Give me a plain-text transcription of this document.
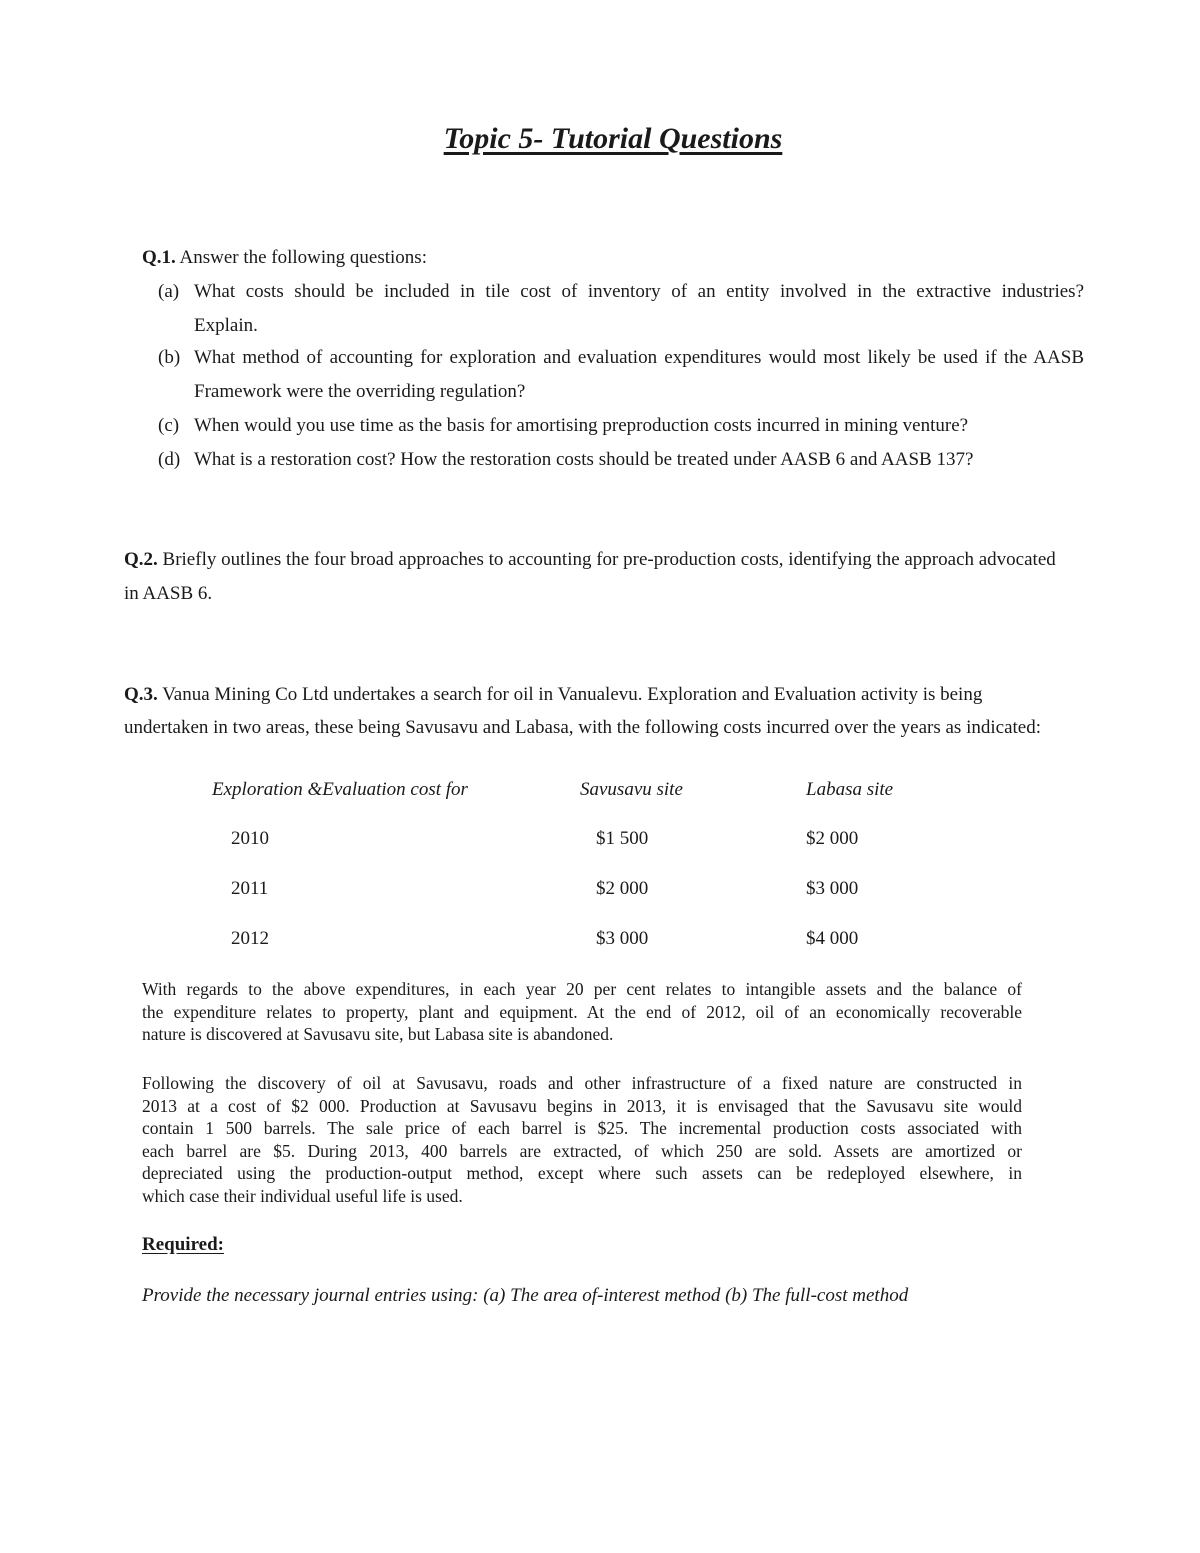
Topic 5- Tutorial Questions
Q.1. Answer the following questions:
(a) What costs should be included in tile cost of inventory of an entity involved in the extractive industries?
Explain.
(b) What method of accounting for exploration and evaluation expenditures would most likely be used if the AASB
Framework were the overriding regulation?
(c) When would you use time as the basis for amortising preproduction costs incurred in mining venture?
(d) What is a restoration cost? How the restoration costs should be treated under AASB 6 and AASB 137?
Q.2. Briefly outlines the four broad approaches to accounting for pre-production costs, identifying the approach advocated
in AASB 6.
Q.3. Vanua Mining Co Ltd undertakes a search for oil in Vanualevu. Exploration and Evaluation activity is being
undertaken in two areas, these being Savusavu and Labasa, with the following costs incurred over the years as indicated:
Exploration &Evaluation cost for	Savusavu site	Labasa site
2010	$1 500	$2 000
2011	$2 000	$3 000
2012	$3 000	$4 000
With regards to the above expenditures, in each year 20 per cent relates to intangible assets and the balance of
the expenditure relates to property, plant and equipment. At the end of 2012, oil of an economically recoverable
nature is discovered at Savusavu site, but Labasa site is abandoned.
Following the discovery of oil at Savusavu, roads and other infrastructure of a fixed nature are constructed in
2013 at a cost of $2 000. Production at Savusavu begins in 2013, it is envisaged that the Savusavu site would
contain 1 500 barrels. The sale price of each barrel is $25. The incremental production costs associated with
each barrel are $5. During 2013, 400 barrels are extracted, of which 250 are sold. Assets are amortized or
depreciated using the production-output method, except where such assets can be redeployed elsewhere, in
which case their individual useful life is used.
Required:
Provide the necessary journal entries using: (a) The area of-interest method (b) The full-cost method
